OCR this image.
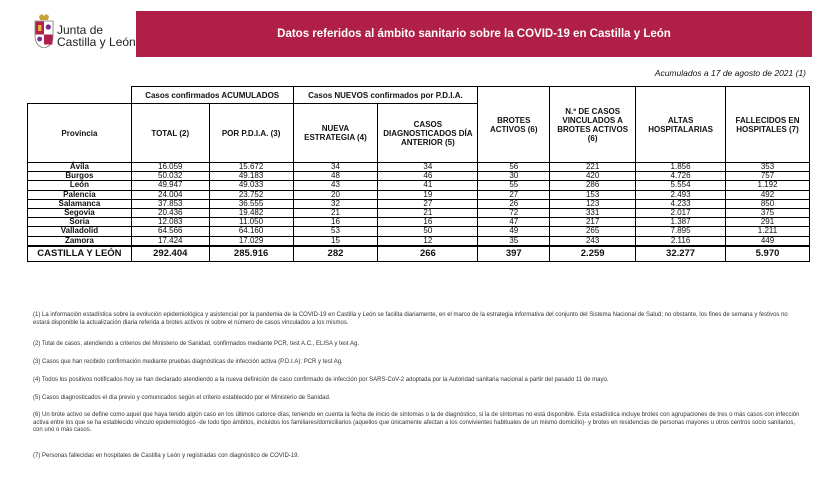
Junta de
Castilla y León
Datos referidos al ámbito sanitario sobre la COVID-19 en Castilla y León
Acumulados a 17 de agosto de 2021 (1)
	Casos confirmados ACUMULADOS		Casos NUEVOS confirmados por P.D.I.A.		BROTES ACTIVOS (6)	N.º DE CASOS VINCULADOS A BROTES ACTIVOS (6)	ALTAS HOSPITALARIAS	FALLECIDOS EN HOSPITALES (7)
Provincia	TOTAL (2)	POR P.D.I.A. (3)	NUEVA ESTRATEGIA (4)	CASOS DIAGNOSTICADOS DÍA ANTERIOR (5)				
Ávila	16.059	15.672	34	34	56	221	1.856	353
Burgos	50.032	49.183	48	46	30	420	4.726	757
León	49.947	49.033	43	41	55	286	5.554	1.192
Palencia	24.004	23.752	20	19	27	153	2.493	492
Salamanca	37.853	36.555	32	27	26	123	4.233	850
Segovia	20.436	19.482	21	21	72	331	2.017	375
Soria	12.083	11.050	16	16	47	217	1.387	291
Valladolid	64.566	64.160	53	50	49	265	7.895	1.211
Zamora	17.424	17.029	15	12	35	243	2.116	449
CASTILLA Y LEÓN	292.404	285.916	282	266	397	2.259	32.277	5.970
(1) La información estadística sobre la evolución epidemiológica y asistencial por la pandemia de la COVID-19 en Castilla y León se facilita diariamente, en el marco de la estrategia informativa del conjunto del Sistema Nacional de Salud; no obstante, los fines de semana y festivos no estará disponible la actualización diaria referida a brotes activos ni sobre el número de casos vinculados a los mismos.
(2) Total de casos, atendiendo a criterios del Ministerio de Sanidad, confirmados mediante PCR, test A.C., ELISA y test Ag.
(3) Casos que han recibido confirmación mediante pruebas diagnósticas de infección activa (P.D.I.A): PCR y test Ag.
(4) Todos los positivos notificados hoy se han declarado atendiendo a la nueva definición de caso confirmado de infección por SARS-CoV-2 adoptada por la Autoridad sanitaria nacional a partir del pasado 11 de mayo.
(5) Casos diagnosticados el día previo y comunicados según el criterio establecido por el Ministerio de Sanidad.
(6) Un brote activo se define como aquel que haya tenido algún caso en los últimos catorce días, teniendo en cuenta la fecha de inicio de síntomas o la de diagnóstico, si la de síntomas no está disponible. Esta estadística incluye brotes con agrupaciones de tres o más casos con infección activa entre los que se ha establecido vínculo epidemiológico -de todo tipo ámbitos, incluidos los familiares/domiciliarios (aquellos que únicamente afectan a los convivientes habituales de un mismo domicilio)- y brotes en residencias de personas mayores u otros centros socio sanitarios, con uno o más casos.
(7) Personas fallecidas en hospitales de Castilla y León y registradas con diagnóstico de COVID-19.
